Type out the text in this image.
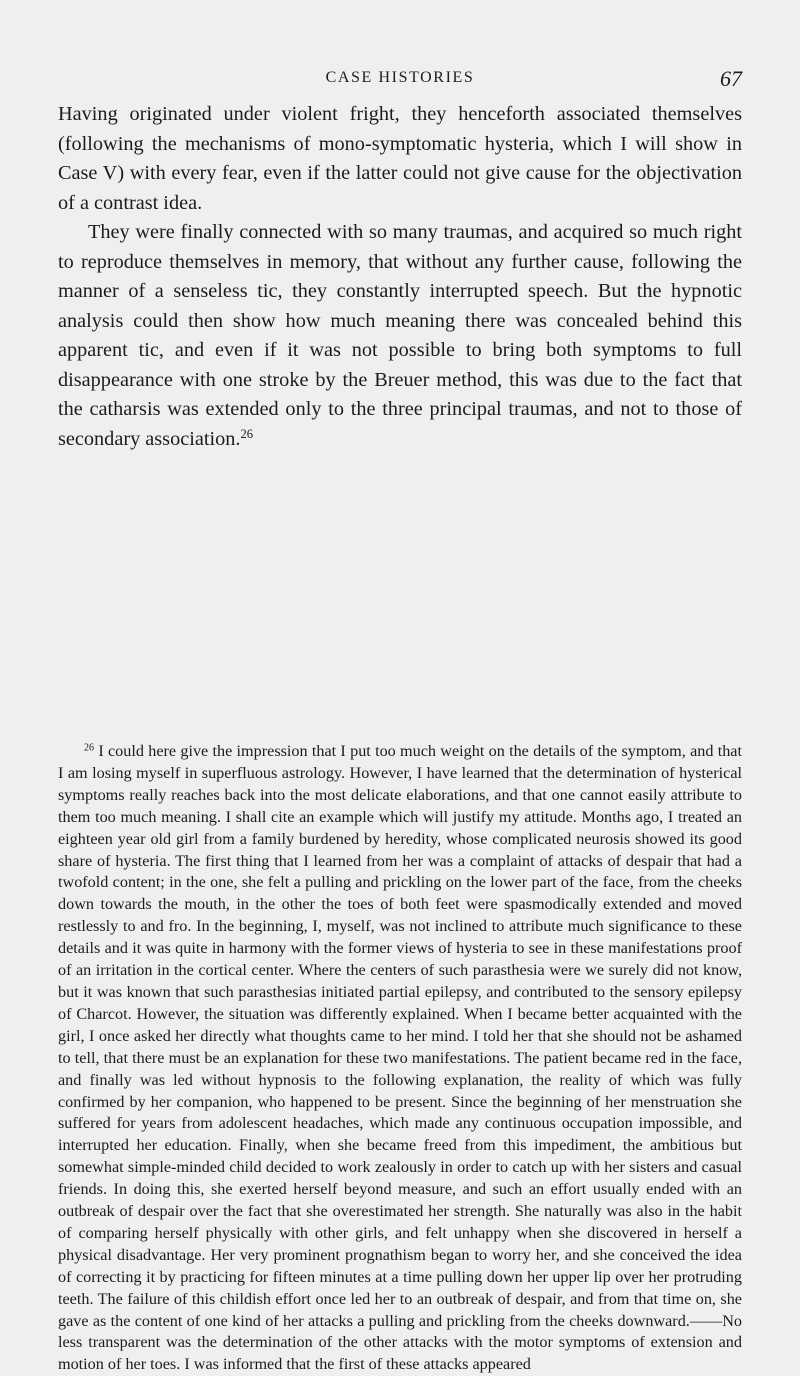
CASE HISTORIES	67

Having originated under violent fright, they henceforth associated themselves (following the mechanisms of mono-symptomatic hysteria, which I will show in Case V) with every fear, even if the latter could not give cause for the objectivation of a contrast idea.

They were finally connected with so many traumas, and acquired so much right to reproduce themselves in memory, that without any further cause, following the manner of a senseless tic, they constantly interrupted speech. But the hypnotic analysis could then show how much meaning there was concealed behind this apparent tic, and even if it was not possible to bring both symptoms to full disappearance with one stroke by the Breuer method, this was due to the fact that the catharsis was extended only to the three principal traumas, and not to those of secondary association.$^{26}$

$^{26}$ I could here give the impression that I put too much weight on the details of the symptom, and that I am losing myself in superfluous astrology. However, I have learned that the determination of hysterical symptoms really reaches back into the most delicate elaborations, and that one cannot easily attribute to them too much meaning. I shall cite an example which will justify my attitude. Months ago, I treated an eighteen year old girl from a family burdened by heredity, whose complicated neurosis showed its good share of hysteria. The first thing that I learned from her was a complaint of attacks of despair that had a twofold content; in the one, she felt a pulling and prickling on the lower part of the face, from the cheeks down towards the mouth, in the other the toes of both feet were spasmodically extended and moved restlessly to and fro. In the beginning, I, myself, was not inclined to attribute much significance to these details and it was quite in harmony with the former views of hysteria to see in these manifestations proof of an irritation in the cortical center. Where the centers of such parasthesia were we surely did not know, but it was known that such parasthesias initiated partial epilepsy, and contributed to the sensory epilepsy of Charcot. However, the situation was differently explained. When I became better acquainted with the girl, I once asked her directly what thoughts came to her mind. I told her that she should not be ashamed to tell, that there must be an explanation for these two manifestations. The patient became red in the face, and finally was led without hypnosis to the following explanation, the reality of which was fully confirmed by her companion, who happened to be present. Since the beginning of her menstruation she suffered for years from adolescent headaches, which made any continuous occupation impossible, and interrupted her education. Finally, when she became freed from this impediment, the ambitious but somewhat simple-minded child decided to work zealously in order to catch up with her sisters and casual friends. In doing this, she exerted herself beyond measure, and such an effort usually ended with an outbreak of despair over the fact that she overestimated her strength. She naturally was also in the habit of comparing herself physically with other girls, and felt unhappy when she discovered in herself a physical disadvantage. Her very prominent prognathism began to worry her, and she conceived the idea of correcting it by practicing for fifteen minutes at a time pulling down her upper lip over her protruding teeth. The failure of this childish effort once led her to an outbreak of despair, and from that time on, she gave as the content of one kind of her attacks a pulling and prickling from the cheeks downward.——No less transparent was the determination of the other attacks with the motor symptoms of extension and motion of her toes. I was informed that the first of these attacks appeared
